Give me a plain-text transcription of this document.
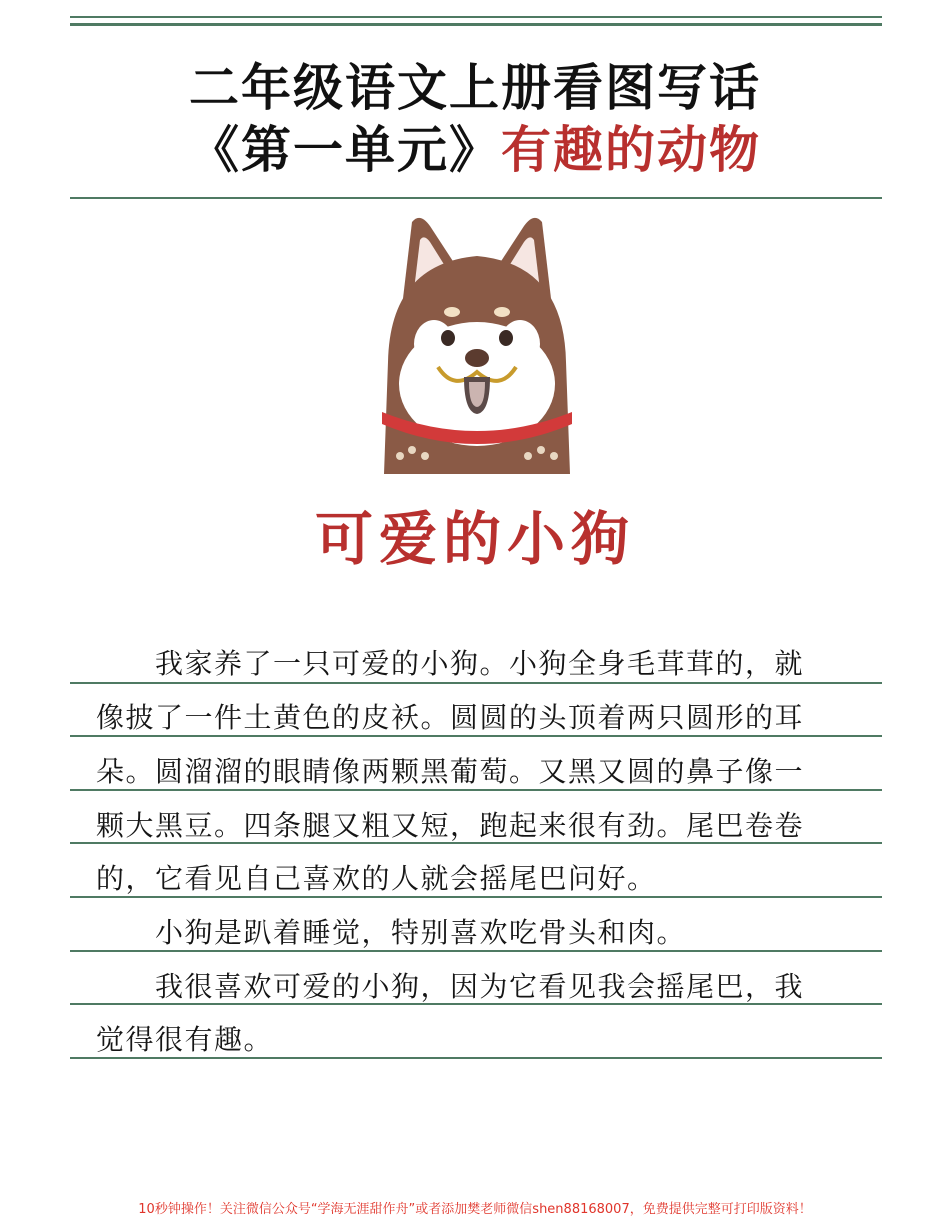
二年级语文上册看图写话
《第一单元》有趣的动物
可爱的小狗
　　我家养了一只可爱的小狗。小狗全身毛茸茸的，就
像披了一件土黄色的皮袄。圆圆的头顶着两只圆形的耳
朵。圆溜溜的眼睛像两颗黑葡萄。又黑又圆的鼻子像一
颗大黑豆。四条腿又粗又短，跑起来很有劲。尾巴卷卷
的，它看见自己喜欢的人就会摇尾巴问好。
　　小狗是趴着睡觉，特别喜欢吃骨头和肉。
　　我很喜欢可爱的小狗，因为它看见我会摇尾巴，我
觉得很有趣。
10秒钟操作！关注微信公众号“学海无涯甜作舟”或者添加樊老师微信shen88168007，免费提供完整可打印版资料！
